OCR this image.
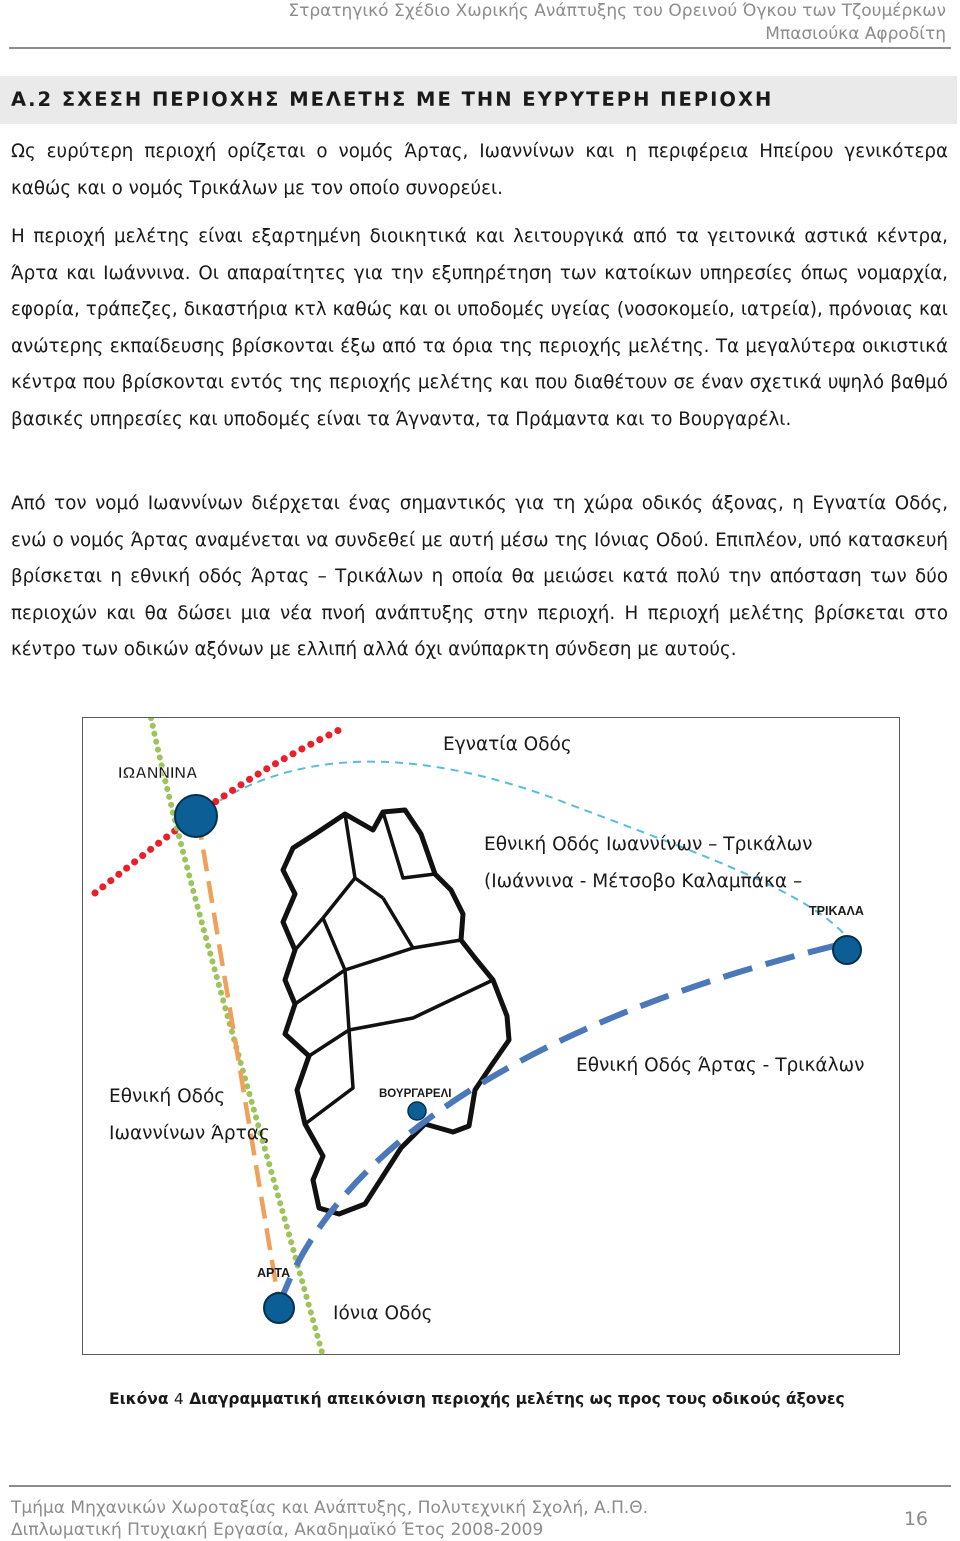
Στρατηγικό Σχέδιο Χωρικής Ανάπτυξης του Ορεινού Όγκου των Τζουμέρκων
Μπασιούκα Αφροδίτη
Α.2 ΣΧΕΣΗ ΠΕΡΙΟΧΗΣ ΜΕΛΕΤΗΣ ΜΕ ΤΗΝ ΕΥΡΥΤΕΡΗ ΠΕΡΙΟΧΗ
Ως ευρύτερη περιοχή ορίζεται ο νομός Άρτας, Ιωαννίνων και η περιφέρεια Ηπείρου γενικότερα καθώς και ο νομός Τρικάλων με τον οποίο συνορεύει.
Η περιοχή μελέτης είναι εξαρτημένη διοικητικά και λειτουργικά από τα γειτονικά αστικά κέντρα, Άρτα και Ιωάννινα. Οι απαραίτητες για την εξυπηρέτηση των κατοίκων υπηρεσίες όπως νομαρχία, εφορία, τράπεζες, δικαστήρια κτλ καθώς και οι υποδομές υγείας (νοσοκομείο, ιατρεία), πρόνοιας και ανώτερης εκπαίδευσης βρίσκονται έξω από τα όρια της περιοχής μελέτης. Τα μεγαλύτερα οικιστικά κέντρα που βρίσκονται εντός της περιοχής μελέτης και που διαθέτουν σε έναν σχετικά υψηλό βαθμό βασικές υπηρεσίες και υποδομές είναι τα Άγναντα, τα Πράμαντα και το Βουργαρέλι.
Από τον νομό Ιωαννίνων διέρχεται ένας σημαντικός για τη χώρα οδικός άξονας, η Εγνατία Οδός, ενώ ο νομός Άρτας αναμένεται να συνδεθεί με αυτή μέσω της Ιόνιας Οδού. Επιπλέον, υπό κατασκευή βρίσκεται η εθνική οδός Άρτας – Τρικάλων η οποία θα μειώσει κατά πολύ την απόσταση των δύο περιοχών και θα δώσει μια νέα πνοή ανάπτυξης στην περιοχή. Η περιοχή μελέτης βρίσκεται στο κέντρο των οδικών αξόνων με ελλιπή αλλά όχι ανύπαρκτη σύνδεση με αυτούς.
ΙΩΑΝΝΙΝΑ
ΤΡΙΚΑΛΑ
ΒΟΥΡΓΑΡΕΛΙ
ΑΡΤΑ
Εγνατία Οδός
Εθνική Οδός Ιωαννίνων – Τρικάλων
(Ιωάννινα - Μέτσοβο Καλαμπάκα –
Εθνική Οδός Άρτας - Τρικάλων
Εθνική Οδός
Ιωαννίνων Άρτας
Ιόνια Οδός
Εικόνα 4 Διαγραμματική απεικόνιση περιοχής μελέτης ως προς τους οδικούς άξονες
Τμήμα Μηχανικών Χωροταξίας και Ανάπτυξης, Πολυτεχνική Σχολή, Α.Π.Θ.
Διπλωματική Πτυχιακή Εργασία, Ακαδημαϊκό Έτος 2008-2009	16
